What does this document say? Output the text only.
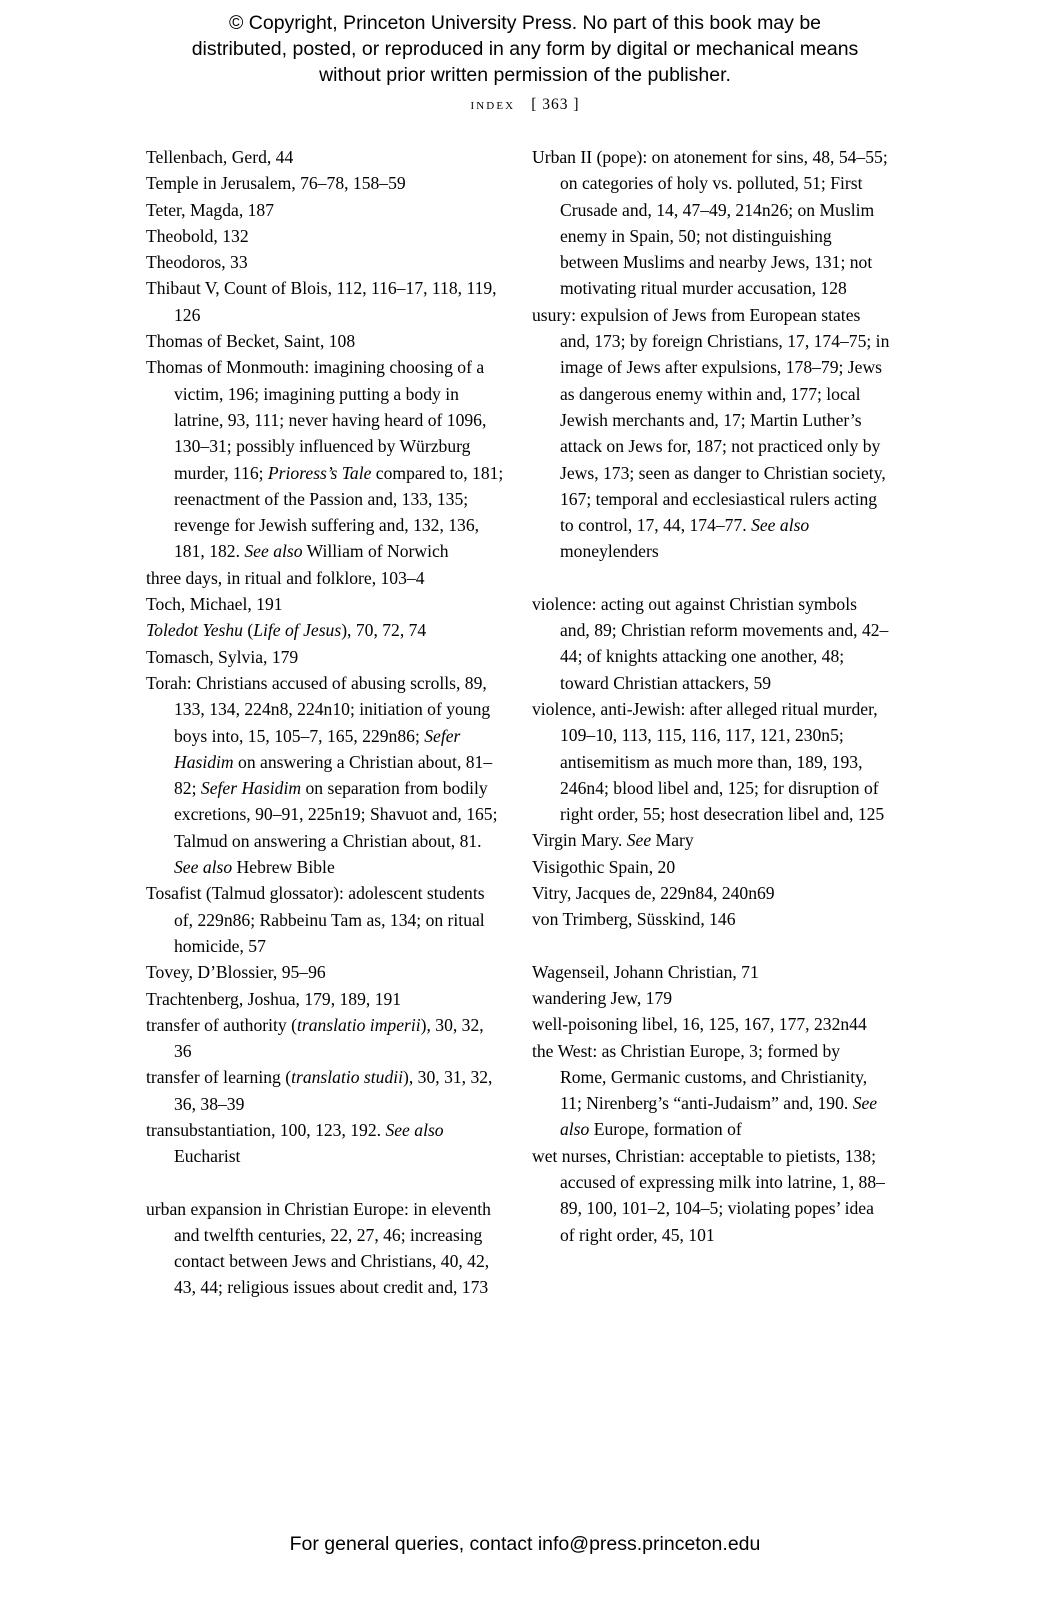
© Copyright, Princeton University Press. No part of this book may be distributed, posted, or reproduced in any form by digital or mechanical means without prior written permission of the publisher.
index [ 363 ]

Tellenbach, Gerd, 44

Temple in Jerusalem, 76–78, 158–59

Teter, Magda, 187

Theobold, 132

Theodoros, 33

Thibaut V, Count of Blois, 112, 116–17, 118, 119, 126

Thomas of Becket, Saint, 108

Thomas of Monmouth: imagining choosing of a victim, 196; imagining putting a body in latrine, 93, 111; never having heard of 1096, 130–31; possibly influenced by Würzburg murder, 116; Prioress’s Tale compared to, 181; reenactment of the Passion and, 133, 135; revenge for Jewish suffering and, 132, 136, 181, 182. See also William of Norwich

three days, in ritual and folklore, 103–4

Toch, Michael, 191

Toledot Yeshu (Life of Jesus), 70, 72, 74

Tomasch, Sylvia, 179

Torah: Christians accused of abusing scrolls, 89, 133, 134, 224n8, 224n10; initiation of young boys into, 15, 105–7, 165, 229n86; Sefer Hasidim on answering a Christian about, 81–82; Sefer Hasidim on separation from bodily excretions, 90–91, 225n19; Shavuot and, 165; Talmud on answering a Christian about, 81. See also Hebrew Bible

Tosafist (Talmud glossator): adolescent students of, 229n86; Rabbeinu Tam as, 134; on ritual homicide, 57

Tovey, D’Blossier, 95–96

Trachtenberg, Joshua, 179, 189, 191

transfer of authority (translatio imperii), 30, 32, 36

transfer of learning (translatio studii), 30, 31, 32, 36, 38–39

transubstantiation, 100, 123, 192. See also Eucharist

urban expansion in Christian Europe: in eleventh and twelfth centuries, 22, 27, 46; increasing contact between Jews and Christians, 40, 42, 43, 44; religious issues about credit and, 173

Urban II (pope): on atonement for sins, 48, 54–55; on categories of holy vs. polluted, 51; First Crusade and, 14, 47–49, 214n26; on Muslim enemy in Spain, 50; not distinguishing between Muslims and nearby Jews, 131; not motivating ritual murder accusation, 128

usury: expulsion of Jews from European states and, 173; by foreign Christians, 17, 174–75; in image of Jews after expulsions, 178–79; Jews as dangerous enemy within and, 177; local Jewish merchants and, 17; Martin Luther’s attack on Jews for, 187; not practiced only by Jews, 173; seen as danger to Christian society, 167; temporal and ecclesiastical rulers acting to control, 17, 44, 174–77. See also moneylenders

violence: acting out against Christian symbols and, 89; Christian reform movements and, 42–44; of knights attacking one another, 48; toward Christian attackers, 59

violence, anti-Jewish: after alleged ritual murder, 109–10, 113, 115, 116, 117, 121, 230n5; antisemitism as much more than, 189, 193, 246n4; blood libel and, 125; for disruption of right order, 55; host desecration libel and, 125

Virgin Mary. See Mary

Visigothic Spain, 20

Vitry, Jacques de, 229n84, 240n69

von Trimberg, Süsskind, 146

Wagenseil, Johann Christian, 71

wandering Jew, 179

well-poisoning libel, 16, 125, 167, 177, 232n44

the West: as Christian Europe, 3; formed by Rome, Germanic customs, and Christianity, 11; Nirenberg’s “anti-Judaism” and, 190. See also Europe, formation of

wet nurses, Christian: acceptable to pietists, 138; accused of expressing milk into latrine, 1, 88–89, 100, 101–2, 104–5; violating popes’ idea of right order, 45, 101

For general queries, contact info@press.princeton.edu
